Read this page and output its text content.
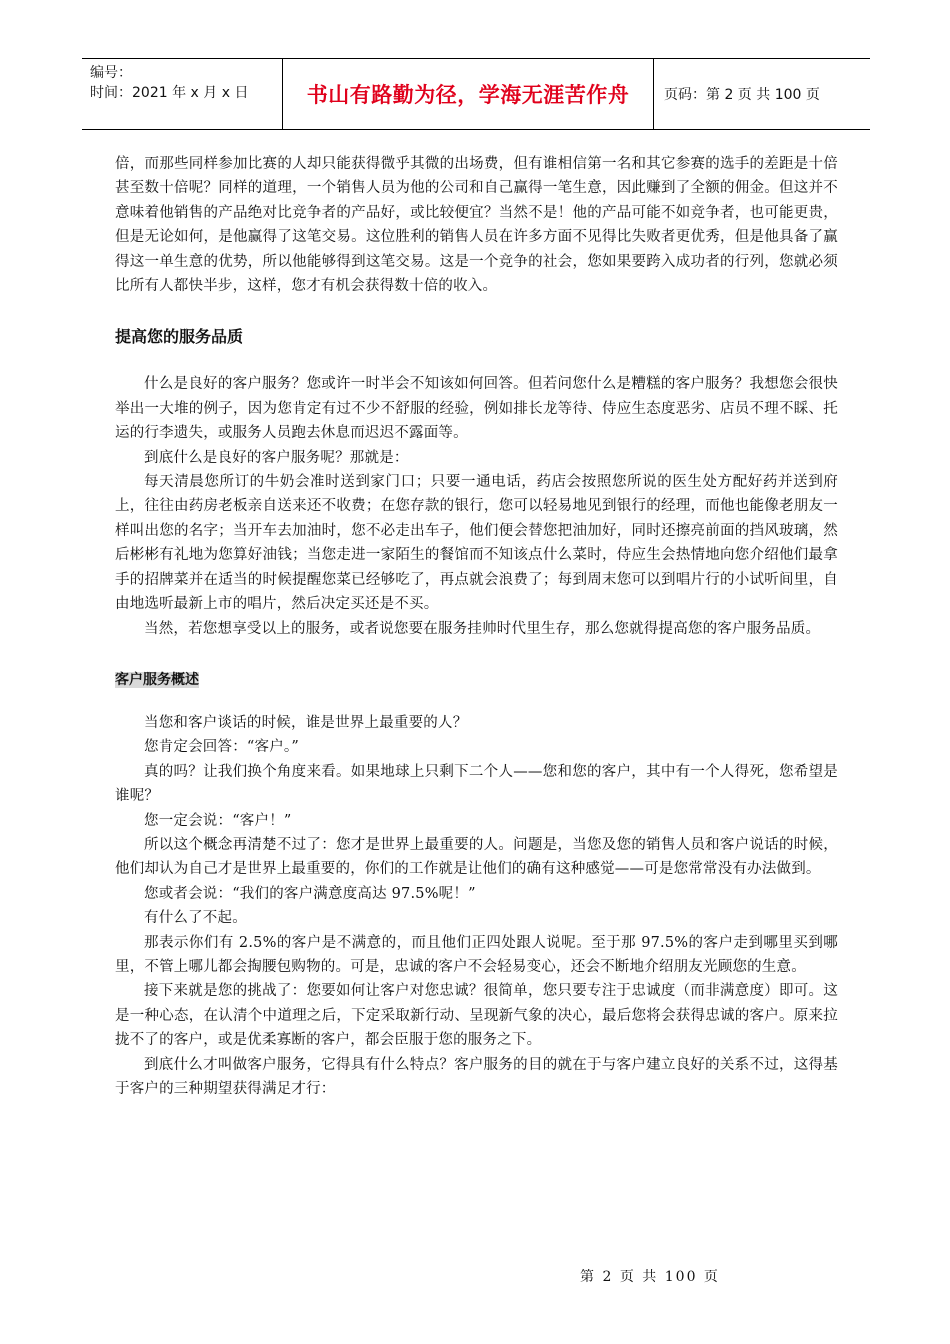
编号：
时间：2021 年 x 月 x 日	书山有路勤为径，学海无涯苦作舟	页码：第 2 页 共 100 页

倍，而那些同样参加比赛的人却只能获得微乎其微的出场费，但有谁相信第一名和其它参赛的选手的差距是十倍甚至数十倍呢？同样的道理，一个销售人员为他的公司和自己赢得一笔生意，因此赚到了全额的佣金。但这并不意味着他销售的产品绝对比竞争者的产品好，或比较便宜？当然不是！他的产品可能不如竞争者，也可能更贵，但是无论如何，是他赢得了这笔交易。这位胜利的销售人员在许多方面不见得比失败者更优秀，但是他具备了赢得这一单生意的优势，所以他能够得到这笔交易。这是一个竞争的社会，您如果要跨入成功者的行列，您就必须比所有人都快半步，这样，您才有机会获得数十倍的收入。

提高您的服务品质

什么是良好的客户服务？您或许一时半会不知该如何回答。但若问您什么是糟糕的客户服务？我想您会很快举出一大堆的例子，因为您肯定有过不少不舒服的经验，例如排长龙等待、侍应生态度恶劣、店员不理不睬、托运的行李遗失，或服务人员跑去休息而迟迟不露面等。

到底什么是良好的客户服务呢？那就是：

每天清晨您所订的牛奶会准时送到家门口；只要一通电话，药店会按照您所说的医生处方配好药并送到府上，往往由药房老板亲自送来还不收费；在您存款的银行，您可以轻易地见到银行的经理，而他也能像老朋友一样叫出您的名字；当开车去加油时，您不必走出车子，他们便会替您把油加好，同时还擦亮前面的挡风玻璃，然后彬彬有礼地为您算好油钱；当您走进一家陌生的餐馆而不知该点什么菜时，侍应生会热情地向您介绍他们最拿手的招牌菜并在适当的时候提醒您菜已经够吃了，再点就会浪费了；每到周末您可以到唱片行的小试听间里，自由地选听最新上市的唱片，然后决定买还是不买。

当然，若您想享受以上的服务，或者说您要在服务挂帅时代里生存，那么您就得提高您的客户服务品质。

客户服务概述

当您和客户谈话的时候，谁是世界上最重要的人？

您肯定会回答：“客户。”

真的吗？让我们换个角度来看。如果地球上只剩下二个人——您和您的客户，其中有一个人得死，您希望是谁呢？

您一定会说：“客户！”

所以这个概念再清楚不过了：您才是世界上最重要的人。问题是，当您及您的销售人员和客户说话的时候，他们却认为自己才是世界上最重要的，你们的工作就是让他们的确有这种感觉——可是您常常没有办法做到。

您或者会说：“我们的客户满意度高达 97.5%呢！”

有什么了不起。

那表示你们有 2.5%的客户是不满意的，而且他们正四处跟人说呢。至于那 97.5%的客户走到哪里买到哪里，不管上哪儿都会掏腰包购物的。可是，忠诚的客户不会轻易变心，还会不断地介绍朋友光顾您的生意。

接下来就是您的挑战了：您要如何让客户对您忠诚？很简单，您只要专注于忠诚度（而非满意度）即可。这是一种心态，在认清个中道理之后，下定采取新行动、呈现新气象的决心，最后您将会获得忠诚的客户。原来拉拢不了的客户，或是优柔寡断的客户，都会臣服于您的服务之下。

到底什么才叫做客户服务，它得具有什么特点？客户服务的目的就在于与客户建立良好的关系不过，这得基于客户的三种期望获得满足才行：

第 2 页 共 100 页
